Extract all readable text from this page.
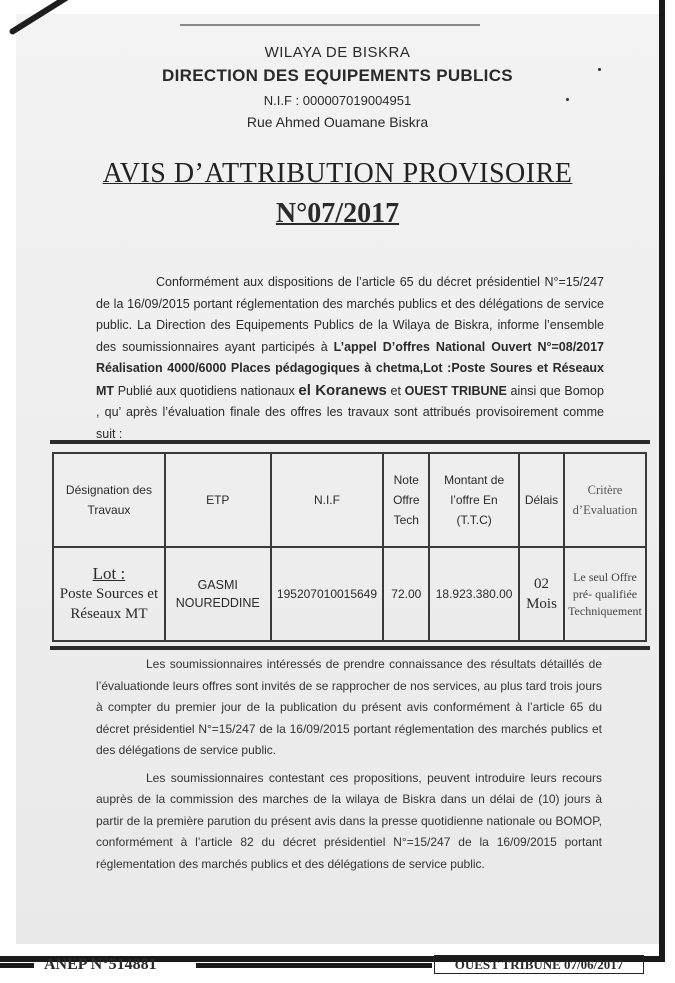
WILAYA DE BISKRA
DIRECTION DES EQUIPEMENTS PUBLICS
N.I.F : 000007019004951
Rue Ahmed Ouamane Biskra
AVIS D’ATTRIBUTION PROVISOIRE
N°07/2017

Conformément aux dispositions de l’article 65 du décret présidentiel N°=15/247 de la 16/09/2015 portant réglementation des marchés publics et des délégations de service public. La Direction des Equipements Publics de la Wilaya de Biskra, informe l’ensemble des soumissionnaires ayant participés à L’appel D’offres National Ouvert N°=08/2017 Réalisation 4000/6000 Places pédagogiques à chetma,Lot :Poste Soures et Réseaux MT Publié aux quotidiens nationaux el Koranews et OUEST TRIBUNE ainsi que Bomop , qu’ après l’évaluation finale des offres les travaux sont attribués provisoirement comme suit :

Désignation des Travaux	ETP	N.I.F	Note Offre Tech	Montant de l’offre En (T.T.C)	Délais	Critère d’Evaluation

Lot :
Poste Sources et Réseaux MT	GASMI NOUREDDINE	195207010015649	72.00	18.923.380.00	02 Mois	Le seul Offre pré- qualifiée Techniquement

Les soumissionnaires intéressés de prendre connaissance des résultats détaillés de l’évaluationde leurs offres sont invités de se rapprocher de nos services, au plus tard trois jours à compter du premier jour de la publication du présent avis conformément à l’article 65 du décret présidentiel N°=15/247 de la 16/09/2015 portant réglementation des marchés publics et des délégations de service public.

Les soumissionnaires contestant ces propositions, peuvent introduire leurs recours auprès de la commission des marches de la wilaya de Biskra dans un délai de (10) jours à partir de la première parution du présent avis dans la presse quotidienne nationale ou BOMOP, conformément à l’article 82 du décret présidentiel N°=15/247 de la 16/09/2015 portant réglementation des marchés publics et des délégations de service public.

ANEP N°514881	OUEST TRIBUNE 07/06/2017
